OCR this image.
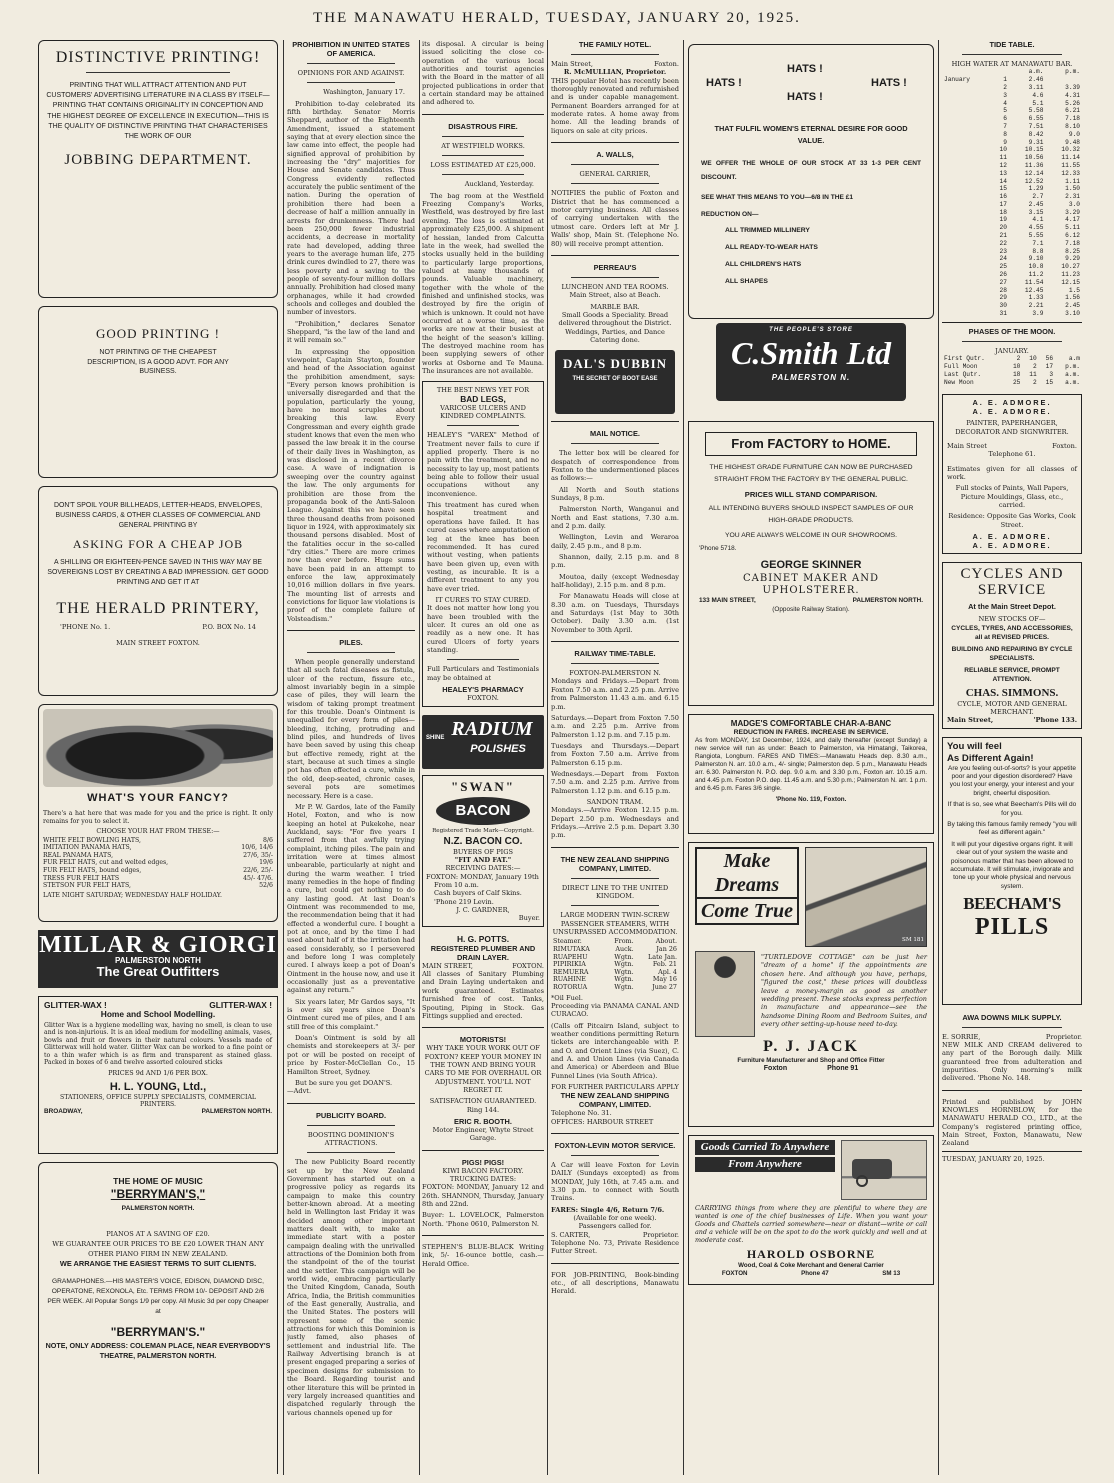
THE MANAWATU HERALD, TUESDAY, JANUARY 20, 1925.
DISTINCTIVE PRINTING!

PRINTING THAT WILL ATTRACT ATTENTION AND PUT CUSTOMERS' ADVERTISING LITERATURE IN A CLASS BY ITSELF—PRINTING THAT CONTAINS ORIGINALITY IN CONCEPTION AND THE HIGHEST DEGREE OF EXCELLENCE IN EXECUTION—THIS IS THE QUALITY OF DISTINCTIVE PRINTING THAT CHARACTERISES THE WORK OF OUR

JOBBING DEPARTMENT.
GOOD PRINTING !

NOT PRINTING OF THE CHEAPEST DESCRIPTION, IS A GOOD ADVT. FOR ANY BUSINESS.

DON'T SPOIL YOUR BILLHEADS, LETTER-HEADS, ENVELOPES, BUSINESS CARDS, & OTHER CLASSES OF COMMERCIAL AND GENERAL PRINTING BY

ASKING FOR A CHEAP JOB

A SHILLING OR EIGHTEEN-PENCE SAVED IN THIS WAY MAY BE SOVEREIGNS LOST BY CREATING A BAD IMPRESSION. GET GOOD PRINTING AND GET IT AT

THE HERALD PRINTERY,
'PHONE No. 1.	P.O. BOX No. 14
MAIN STREET FOXTON.
WHAT'S YOUR FANCY?

There's a hat here that was made for you and the price is right. It only remains for you to select it.

CHOOSE YOUR HAT FROM THESE:—
WHITE FELT BOWLING HATS,	8/6
IMITATION PANAMA HATS,	10/6, 14/6
REAL PANAMA HATS,	27/6, 35/-
FUR FELT HATS, cut and welted edges,	19/6
FUR FELT HATS, bound edges,	22/6, 25/-
TRESS FUR FELT HATS	45/- 47/6.
STETSON FUR FELT HATS,	52/6
LATE NIGHT SATURDAY; WEDNESDAY HALF HOLIDAY.
MILLAR & GIORGI
PALMERSTON NORTH
The Great Outfitters
GLITTER-WAX !	GLITTER-WAX !
Home and School Modelling.

Glitter Wax is a hygiene modelling wax, having no smell, is clean to use and is non-injurious. It is an ideal medium for modelling animals, vases, bowls and fruit or flowers in their natural colours. Vessels made of Glitterwax will hold water. Glitter Wax can be worked to a fine point or to a thin wafer which is as firm and transparent as stained glass. Packed in boxes of 6 and twelve assorted coloured sticks

PRICES 9d AND 1/6 PER BOX.
H. L. YOUNG, Ltd.,
STATIONERS, OFFICE SUPPLY SPECIALISTS, COMMERCIAL PRINTERS.
BROADWAY,	PALMERSTON NORTH.
THE HOME OF MUSIC
"BERRYMAN'S,"
PALMERSTON NORTH.
PIANOS AT A SAVING OF £20.
WE GUARANTEE OUR PRICES TO BE £20 LOWER THAN ANY OTHER PIANO FIRM IN NEW ZEALAND.
WE ARRANGE THE EASIEST TERMS TO SUIT CLIENTS.

GRAMAPHONES.—HIS MASTER'S VOICE, EDISON, DIAMOND DISC, OPERATONE, REXONOLA, Etc. TERMS FROM 10/- DEPOSIT AND 2/6 PER WEEK. All Popular Songs 1/9 per copy. All Music 3d per copy Cheaper at

"BERRYMAN'S."
NOTE, ONLY ADDRESS: COLEMAN PLACE, NEAR EVERYBODY'S THEATRE, PALMERSTON NORTH.
PROHIBITION IN UNITED STATES OF AMERICA.
OPINIONS FOR AND AGAINST.

Washington, January 17.

Prohibition to-day celebrated its fifth birthday. Senator Morris Sheppard, author of the Eighteenth Amendment, issued a statement saying that at every election since the law came into effect, the people had signified approval of prohibition by increasing the "dry" majorities for House and Senate candidates. Thus Congress evidently reflected accurately the public sentiment of the nation. During the operation of prohibition there had been a decrease of half a million annually in arrests for drunkenness. There had been 250,000 fewer industrial accidents, a decrease in mortality rate had developed, adding three years to the average human life, 275 drink cures dwindled to 27, there was less poverty and a saving to the people of seventy-four million dollars annually. Prohibition had closed many orphanages, while it had crowded schools and colleges and doubled the number of investors.

"Prohibition," declares Senator Sheppard, "is the law of the land and it will remain so."

In expressing the opposition viewpoint, Captain Stayton, founder and head of the Association against the prohibition amendment, says: "Every person knows prohibition is universally disregarded and that the population, particularly the young, have no moral scruples about breaking this law. Every Congressman and every eighth grade student knows that even the men who passed the law break it in the course of their daily lives in Washington, as was disclosed in a recent divorce case. A wave of indignation is sweeping over the country against the law. The only arguments for prohibition are those from the propaganda book of the Anti-Saloon League. Against this we have seen three thousand deaths from poisoned liquor in 1924, with approximately six thousand persons disabled. Most of the fatalities occur in the so-called "dry cities." There are more crimes now than ever before. Huge sums have been paid in an attempt to enforce the law, approximately 10,016 million dollars in five years. The mounting list of arrests and convictions for liquor law violations is proof of the complete failure of Volsteadism."

PILES.

When people generally understand that all such fatal diseases as fistula, ulcer of the rectum, fissure etc., almost invariably begin in a simple case of piles, they will learn the wisdom of taking prompt treatment for this trouble. Doan's Ointment is unequalled for every form of piles—bleeding, itching, protruding and blind piles, and hundreds of lives have been saved by using this cheap but effective remedy, right at the start, because at such times a single pot has often effected a cure, while in the old, deep-seated, chronic cases, several pots are sometimes necessary. Here is a case.

Mr P. W. Gardos, late of the Family Hotel, Foxton, and who is now keeping an hotel at Pukekohe, near Auckland, says: "For five years I suffered from that awfully trying complaint, itching piles. The pain and irritation were at times almost unbearable, particularly at night and during the warm weather. I tried many remedies in the hope of finding a cure, but could get nothing to do any lasting good. At last Doan's Ointment was recommended to me, the recommendation being that it had effected a wonderful cure. I bought a pot at once, and by the time I had used about half of it the irritation had eased considerably, so I persevered and before long I was completely cured. I always keep a pot of Doan's Ointment in the house now, and use it occasionally just as a preventative against any return."

Six years later, Mr Gardos says, "It is over six years since Doan's Ointment cured me of piles, and I am still free of this complaint."

Doan's Ointment is sold by all chemists and storekeepers at 3/- per pot or will be posted on receipt of price by Foster-McClellan Co., 15 Hamilton Street, Sydney.

But be sure you get DOAN'S.

—Advt.

PUBLICITY BOARD.
BOOSTING DOMINION'S ATTRACTIONS.

The new Publicity Board recently set up by the New Zealand Government has started out on a progressive policy as regards its campaign to make this country better-known abroad. At a meeting held in Wellington last Friday it was decided among other important matters dealt with, to make an immediate start with a poster campaign dealing with the unrivalled attractions of the Dominion both from the standpoint of the of the tourist and the settler. This campaign will be world wide, embracing particularly the United Kingdom, Canada, South Africa, India, the British communities of the East generally, Australia, and the United States. The posters will represent some of the scenic attractions for which this Dominion is justly famed, also phases of settlement and industrial life. The Railway Advertising branch is at present engaged preparing a series of specimen designs for submission to the Board. Regarding tourist and other literature this will be printed in very largely increased quantities and dispatched regularly through the various channels opened up for

its disposal. A circular is being issued soliciting the close co-operation of the various local authorities and tourist agencies with the Board in the matter of all projected publications in order that a certain standard may be attained and adhered to.

DISASTROUS FIRE.
AT WESTFIELD WORKS.
LOSS ESTIMATED AT £25,000.

Auckland, Yesterday.

The bag room at the Westfield Freezing Company's Works, Westfield, was destroyed by fire last evening. The loss is estimated at approximately £25,000. A shipment of hessian, landed from Calcutta late in the week, had swelled the stocks usually held in the building to particularly large proportions, valued at many thousands of pounds. Valuable machinery, together with the whole of the finished and unfinished stocks, was destroyed by fire the origin of which is unknown. It could not have occurred at a worse time, as the works are now at their busiest at the height of the season's killing. The destroyed machine room has been supplying sewers of other works at Osborne and Te Mauna. The insurances are not available.

THE BEST NEWS YET FOR
BAD LEGS,
VARICOSE ULCERS AND KINDRED COMPLAINTS.

HEALEY'S "VAREX" Method of Treatment never fails to cure if applied properly. There is no pain with the treatment, and no necessity to lay up, most patients being able to follow their usual occupations without any inconvenience.

This treatment has cured when hospital treatment and operations have failed. It has cured cases where amputation of leg at the knee has been recommended. It has cured without vesting, when patients have been given up, even with vesting, as incurable. It is a different treatment to any you have ever tried.

IT CURES TO STAY CURED.

It does not matter how long you have been troubled with the ulcer. It cures an old one as readily as a new one. It has cured Ulcers of forty years standing.

Full Particulars and Testimonials may be obtained at

HEALEY'S PHARMACY
FOXTON.
SHINE RADIUM
POLISHES
"SWAN"
BACON
Registered Trade Mark—Copyright.
N.Z. BACON CO.
BUYERS OF PIGS
"FIT AND FAT."
RECEIVING DATES:—
FOXTON: MONDAY, January 19th
From 10 a.m.
Cash buyers of Calf Skins.
'Phone 219 Levin.
J. C. GARDNER,
Buyer.
H. G. POTTS.
REGISTERED PLUMBER AND DRAIN LAYER.
MAIN STREET,	FOXTON.

All classes of Sanitary Plumbing and Drain Laying undertaken and work guaranteed. Estimates furnished free of cost. Tanks, Spouting, Piping in Stock. Gas Fittings supplied and erected.

MOTORISTS!

WHY TAKE YOUR WORK OUT OF FOXTON? KEEP YOUR MONEY IN THE TOWN AND BRING YOUR CARS TO ME FOR OVERHAUL OR ADJUSTMENT. YOU'LL NOT REGRET IT.

SATISFACTION GUARANTEED. Ring 144.

ERIC R. BOOTH.
Motor Engineer, Whyte Street Garage.
PIGS! PIGS!
KIWI BACON FACTORY.
TRUCKING DATES:

FOXTON: MONDAY, January 12 and 26th. SHANNON, Thursday, January 8th and 22nd.

Buyer: L. LOVELOCK, Palmerston North. 'Phone 0610, Palmerston N.

STEPHEN'S BLUE-BLACK Writing ink, 5/- 16-ounce bottle, cash.—Herald Office.

THE FAMILY HOTEL.
Main Street,	Foxton.
R. McMULLIAN, Proprietor.

THIS popular Hotel has recently been thoroughly renovated and refurnished and is under capable management. Permanent Boarders arranged for at moderate rates. A home away from home. All the leading brands of liquors on sale at city prices.

A. WALLS,
GENERAL CARRIER,

NOTIFIES the public of Foxton and District that he has commenced a motor carrying business. All classes of carrying undertaken with the utmost care. Orders left at Mr J. Walls' shop, Main St. (Telephone No. 80) will receive prompt attention.

PERREAU'S
LUNCHEON AND TEA ROOMS.
Main Street, also at Beach.
MARBLE BAR.

Small Goods a Speciality. Bread delivered throughout the District. Weddings, Parties, and Dance Catering done.

DAL'S DUBBIN
THE SECRET OF BOOT EASE
MAIL NOTICE.

The letter box will be cleared for despatch of correspondence from Foxton to the undermentioned places as follows:—

All North and South stations Sundays, 8 p.m.

Palmerston North, Wanganui and North and East stations, 7.30 a.m. and 2 p.m. daily.

Wellington, Levin and Weraroa daily, 2.45 p.m., and 8 p.m.

Shannon, daily, 2.15 p.m. and 8 p.m.

Moutoa, daily (except Wednesday half-holiday), 2.15 p.m. and 8 p.m.

For Manawatu Heads will close at 8.30 a.m. on Tuesdays, Thursdays and Saturdays (1st May to 30th October). Daily 3.30 a.m. (1st November to 30th April.

RAILWAY TIME-TABLE.
FOXTON-PALMERSTON N.

Mondays and Fridays.—Depart from Foxton 7.50 a.m. and 2.25 p.m. Arrive from Palmerston 11.43 a.m. and 6.15 p.m.

Saturdays.—Depart from Foxton 7.50 a.m. and 2.25 p.m. Arrive from Palmerston 1.12 p.m. and 7.15 p.m.

Tuesdays and Thursdays.—Depart from Foxton 7.50 a.m. Arrive from Palmerston 6.15 p.m.

Wednesdays.—Depart from Foxton 7.50 a.m. and 2.25 p.m. Arrive from Palmerston 1.12 p.m. and 6.15 p.m.

SANDON TRAM.

Mondays.—Arrive Foxton 12.15 p.m. Depart 2.50 p.m. Wednesdays and Fridays.—Arrive 2.5 p.m. Depart 3.30 p.m.

THE NEW ZEALAND SHIPPING COMPANY, LIMITED.
DIRECT LINE TO THE UNITED KINGDOM.
LARGE MODERN TWIN-SCREW PASSENGER STEAMERS, WITH UNSURPASSED ACCOMMODATION.
Steamer.	From.	About.
RIMUTAKA	Auck.	Jan 26
RUAPEHU	Wgtn.	Late Jan.
PIPIRIKIA	Wgtn.	Feb. 21
REMUERA	Wgtn.	Apl. 4
RUAHINE	Wgtn.	May 16
ROTORUA	Wgtn.	June 27
*Oil Fuel.

Proceeding via PANAMA CANAL AND CURACAO.

(Calls off Pitcairn Island, subject to weather conditions permitting Return tickets are interchangeable with P. and O. and Orient Lines (via Suez), C. and A. and Union Lines (via Canada and America) or Aberdeen and Blue Funnel Lines (via South Africa).

FOR FURTHER PARTICULARS APPLY
THE NEW ZEALAND SHIPPING COMPANY, LIMITED.
Telephone No. 31.
OFFICES: HARBOUR STREET
FOXTON-LEVIN MOTOR SERVICE.

A Car will leave Foxton for Levin DAILY (Sundays excepted) as from MONDAY, July 16th, at 7.45 a.m. and 3.30 p.m. to connect with South Trains.

FARES: Single 4/6, Return 7/6.
(Available for one week).
Passengers called for.
S. CARTER,	Proprietor.

Telephone No. 73, Private Residence Futter Street.

FOR JOB-PRINTING, Book-binding etc., of all descriptions, Manawatu Herald.

HATS !
HATS !
HATS !
HATS !

THAT FULFIL WOMEN'S ETERNAL DESIRE FOR GOOD VALUE.

WE OFFER THE WHOLE OF OUR STOCK AT 33 1-3 PER CENT DISCOUNT.

SEE WHAT THIS MEANS TO YOU—6/8 IN THE £1

REDUCTION ON—

ALL TRIMMED MILLINERY
ALL READY-TO-WEAR HATS
ALL CHILDREN'S HATS
ALL SHAPES
THE PEOPLE'S STORE
C.Smith Ltd
PALMERSTON N.
From FACTORY to HOME.

THE HIGHEST GRADE FURNITURE CAN NOW BE PURCHASED STRAIGHT FROM THE FACTORY BY THE GENERAL PUBLIC.

PRICES WILL STAND COMPARISON.

ALL INTENDING BUYERS SHOULD INSPECT SAMPLES OF OUR HIGH-GRADE PRODUCTS.

YOU ARE ALWAYS WELCOME IN OUR SHOWROOMS.

'Phone 5718.
GEORGE SKINNER
CABINET MAKER AND UPHOLSTERER.
133 MAIN STREET,	PALMERSTON NORTH.
(Opposite Railway Station).
MADGE'S COMFORTABLE CHAR-A-BANC
REDUCTION IN FARES. INCREASE IN SERVICE.

As from MONDAY, 1st December, 1924, and daily thereafter (except Sunday) a new service will run as under: Beach to Palmerston, via Himatangi, Taikorea, Rangiota, Longburn. FARES AND TIMES:—Manawatu Heads dep. 8.30 a.m., Palmerston N. arr. 10.0 a.m., 4/- single; Palmerston dep. 5 p.m., Manawatu Heads arr. 6.30. Palmerston N. P.O. dep. 9.0 a.m. and 3.30 p.m., Foxton arr. 10.15 a.m. and 4.45 p.m. Foxton P.O. dep. 11.45 a.m. and 5.30 p.m.; Palmerston N. arr. 1 p.m. and 6.45 p.m. Fares 3/6 single.

'Phone No. 119, Foxton.
Make Dreams
Come True
SM 181

"TURTLEDOVE COTTAGE" can be just her "dream of a home" if the appointments are chosen here. And although you have, perhaps, "figured the cost," these prices will doubtless leave a money-margin as good as another wedding present. These stocks express perfection in manufacture and appearance—see the handsome Dining Room and Bedroom Suites, and every other setting-up-house need to-day.

P. J. JACK
Furniture Manufacturer and Shop and Office Fitter
Foxton	Phone 91
Goods Carried To Anywhere
From Anywhere

CARRYING things from where they are plentiful to where they are wanted is one of the chief businesses of Life. When you want your Goods and Chattels carried somewhere—near or distant—write or call and a vehicle will be on the spot to do the work quickly and well and at moderate cost.

HAROLD OSBORNE
Wood, Coal & Coke Merchant and General Carrier
FOXTON	Phone 47	SM 13
TIDE TABLE.
HIGH WATER AT MANAWATU BAR.
		a.m.	p.m.
January	1	2.46	
	2	3.11	3.39
	3	4.6	4.31
	4	5.1	5.26
	5	5.58	6.21
	6	6.55	7.18
	7	7.51	8.10
	8	8.42	9.0
	9	9.31	9.48
	10	10.15	10.32
	11	10.56	11.14
	12	11.36	11.55
	13	12.14	12.33
	14	12.52	1.11
	15	1.29	1.50
	16	2.7	2.31
	17	2.45	3.0
	18	3.15	3.29
	19	4.1	4.17
	20	4.55	5.11
	21	5.55	6.12
	22	7.1	7.18
	23	8.8	8.25
	24	9.10	9.29
	25	10.8	10.27
	26	11.2	11.23
	27	11.54	12.15
	28	12.45	1.5
	29	1.33	1.56
	30	2.21	2.45
	31	3.9	3.10
PHASES OF THE MOON.
JANUARY.
First Qutr.	2	10	56	a.m
Full Moon	10	2	17	p.m.
Last Qutr.	18	11	3	a.m.
New Moon	25	2	15	a.m.
A. E. ADMORE.
A. E. ADMORE.
PAINTER, PAPERHANGER, DECORATOR AND SIGNWRITER.
Main Street	Foxton.
Telephone 61.

Estimates given for all classes of work.

Full stocks of Paints, Wall Papers, Picture Mouldings, Glass, etc., carried.

Residence: Opposite Gas Works, Cook Street.

A. E. ADMORE.
A. E. ADMORE.
CYCLES AND SERVICE
At the Main Street Depot.
NEW STOCKS OF—

CYCLES, TYRES, AND ACCESSORIES, all at REVISED PRICES.

BUILDING AND REPAIRING BY CYCLE SPECIALISTS.

RELIABLE SERVICE, PROMPT ATTENTION.

CHAS. SIMMONS.
CYCLE, MOTOR AND GENERAL MERCHANT.
Main Street,	'Phone 133.
You will feel
As Different Again!

Are you feeling out-of-sorts? Is your appetite poor and your digestion disordered? Have you lost your energy, your interest and your bright, cheerful disposition.

If that is so, see what Beecham's Pills will do for you.

By taking this famous family remedy "you will feel as different again."

It will put your digestive organs right. It will clear out of your system the waste and poisonous matter that has been allowed to accumulate. It will stimulate, invigorate and tone up your whole physical and nervous system.

BEECHAM'S
PILLS
AWA DOWNS MILK SUPPLY.
E. SORRIE,	Proprietor.

NEW MILK AND CREAM delivered to any part of the Borough daily. Milk guaranteed free from adulteration and impurities. Only morning's milk delivered. 'Phone No. 148.

Printed and published by JOHN KNOWLES HORNBLOW, for the MANAWATU HERALD CO., LTD., at the Company's registered printing office, Main Street, Foxton, Manawatu, New Zealand

TUESDAY, JANUARY 20, 1925.
